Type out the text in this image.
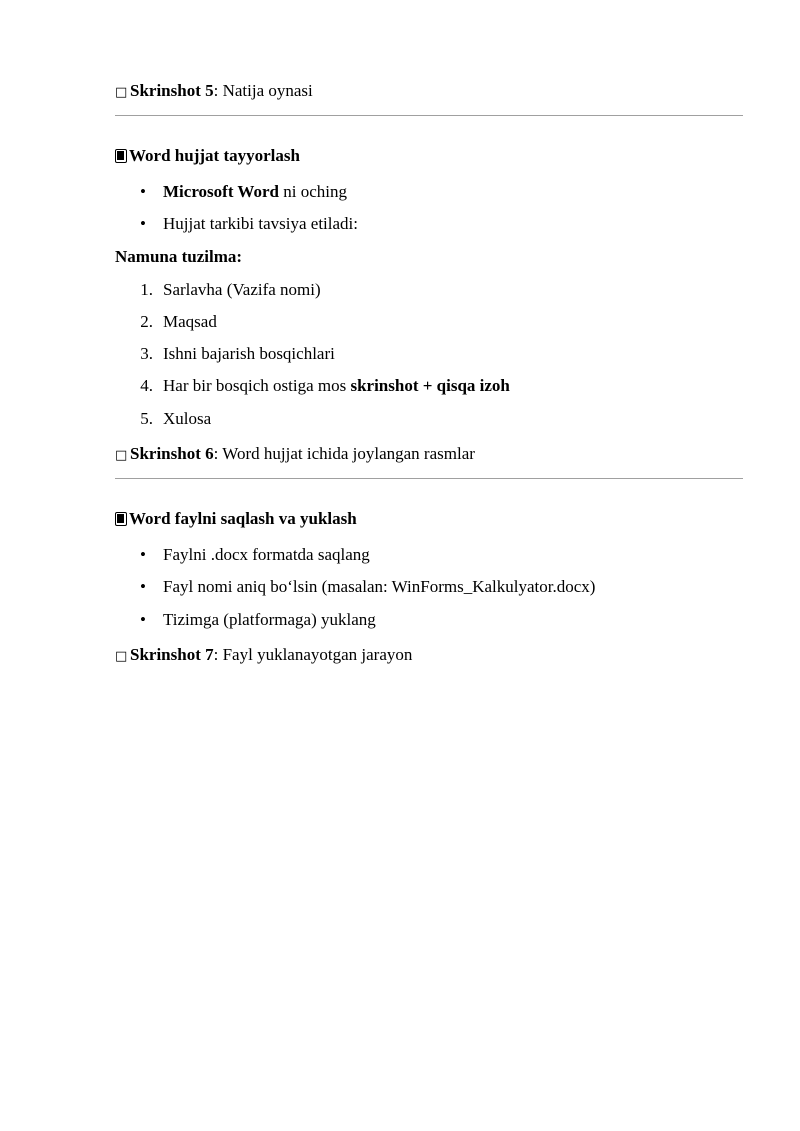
□ Skrinshot 5: Natija oynasi
Word hujjat tayyorlash
• Microsoft Word ni oching
• Hujjat tarkibi tavsiya etiladi:
Namuna tuzilma:
1. Sarlavha (Vazifa nomi)
2. Maqsad
3. Ishni bajarish bosqichlari
4. Har bir bosqich ostiga mos skrinshot + qisqa izoh
5. Xulosa
□ Skrinshot 6: Word hujjat ichida joylangan rasmlar
Word faylni saqlash va yuklash
• Faylni .docx formatda saqlang
• Fayl nomi aniq bo‘lsin (masalan: WinForms_Kalkulyator.docx)
• Tizimga (platformaga) yuklang
□ Skrinshot 7: Fayl yuklanayotgan jarayon
